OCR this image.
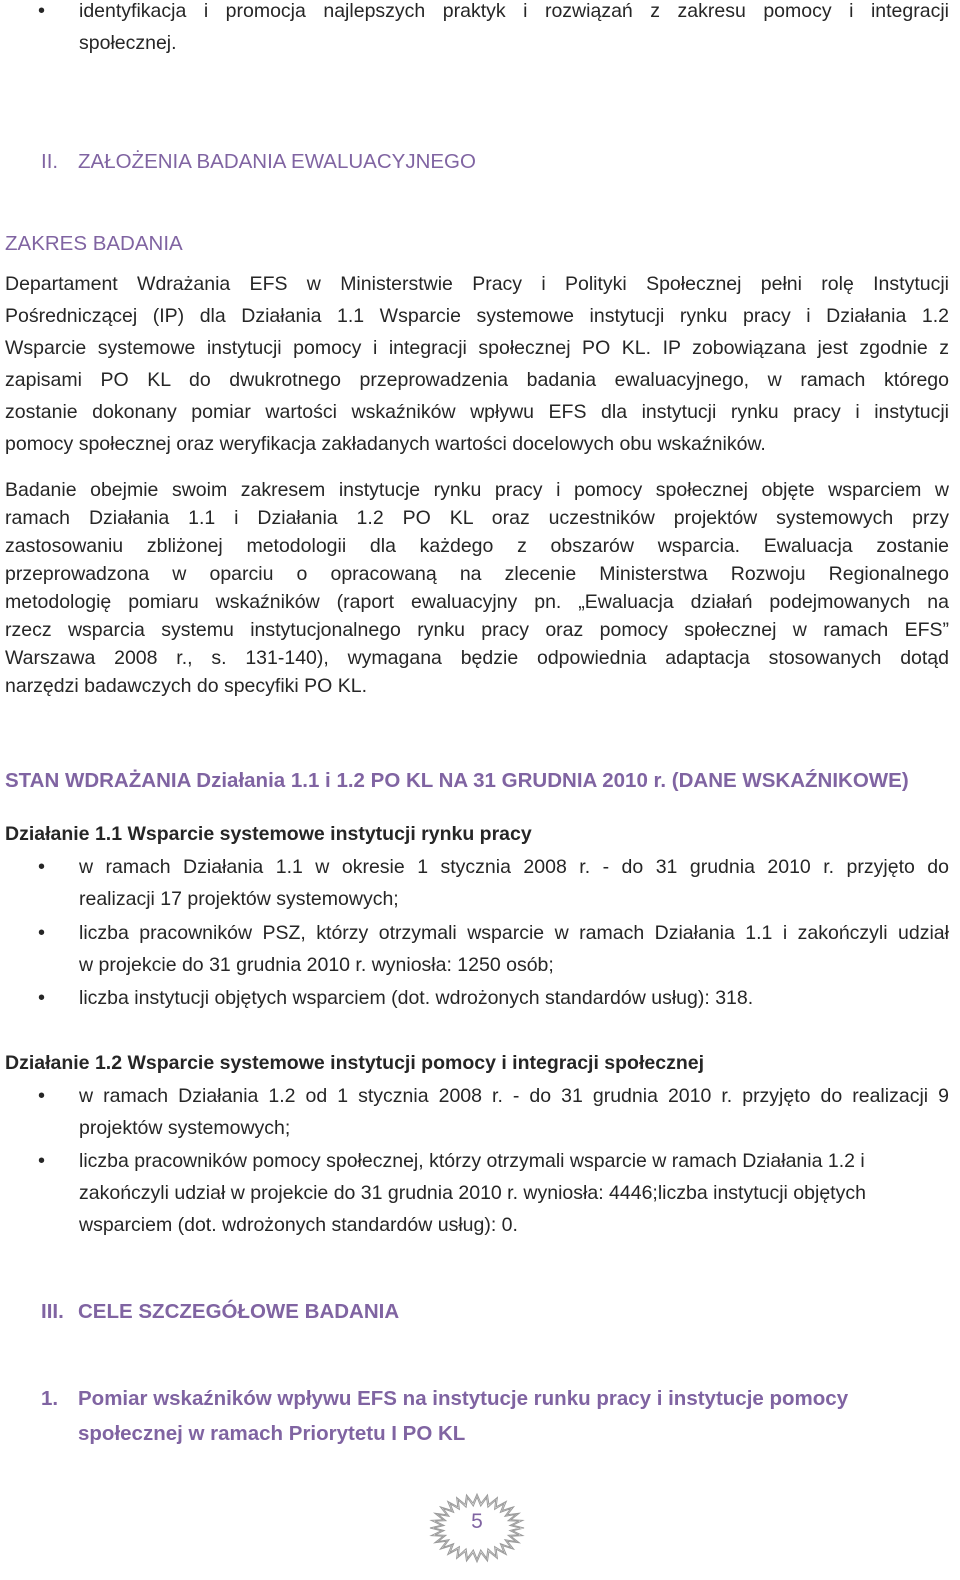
• identyfikacja i promocja najlepszych praktyk i rozwiązań z zakresu pomocy i integracji
społecznej.
II. ZAŁOŻENIA BADANIA EWALUACYJNEGO
ZAKRES BADANIA
Departament Wdrażania EFS w Ministerstwie Pracy i Polityki Społecznej pełni rolę Instytucji
Pośredniczącej (IP) dla Działania 1.1 Wsparcie systemowe instytucji rynku pracy i Działania 1.2
Wsparcie systemowe instytucji pomocy i integracji społecznej PO KL. IP zobowiązana jest zgodnie z
zapisami PO KL do dwukrotnego przeprowadzenia badania ewaluacyjnego, w ramach którego
zostanie dokonany pomiar wartości wskaźników wpływu EFS dla instytucji rynku pracy i instytucji
pomocy społecznej oraz weryfikacja zakładanych wartości docelowych obu wskaźników.
Badanie obejmie swoim zakresem instytucje rynku pracy i pomocy społecznej objęte wsparciem w
ramach Działania 1.1 i Działania 1.2 PO KL oraz uczestników projektów systemowych przy
zastosowaniu zbliżonej metodologii dla każdego z obszarów wsparcia. Ewaluacja zostanie
przeprowadzona w oparciu o opracowaną na zlecenie Ministerstwa Rozwoju Regionalnego
metodologię pomiaru wskaźników (raport ewaluacyjny pn. „Ewaluacja działań podejmowanych na
rzecz wsparcia systemu instytucjonalnego rynku pracy oraz pomocy społecznej w ramach EFS”
Warszawa 2008 r., s. 131-140), wymagana będzie odpowiednia adaptacja stosowanych dotąd
narzędzi badawczych do specyfiki PO KL.
STAN WDRAŻANIA Działania 1.1 i 1.2 PO KL NA 31 GRUDNIA 2010 r. (DANE WSKAŹNIKOWE)
Działanie 1.1 Wsparcie systemowe instytucji rynku pracy
• w ramach Działania 1.1 w okresie 1 stycznia 2008 r. - do 31 grudnia 2010 r. przyjęto do
realizacji 17 projektów systemowych;
• liczba pracowników PSZ, którzy otrzymali wsparcie w ramach Działania 1.1 i zakończyli udział
w projekcie do 31 grudnia 2010 r. wyniosła: 1250 osób;
• liczba instytucji objętych wsparciem (dot. wdrożonych standardów usług): 318.
Działanie 1.2 Wsparcie systemowe instytucji pomocy i integracji społecznej
• w ramach Działania 1.2 od 1 stycznia 2008 r. - do 31 grudnia 2010 r. przyjęto do realizacji 9
projektów systemowych;
• liczba pracowników pomocy społecznej, którzy otrzymali wsparcie w ramach Działania 1.2 i
zakończyli udział w projekcie do 31 grudnia 2010 r. wyniosła: 4446;liczba instytucji objętych
wsparciem (dot. wdrożonych standardów usług): 0.
III. CELE SZCZEGÓŁOWE BADANIA
1. Pomiar wskaźników wpływu EFS na instytucje runku pracy i instytucje pomocy
społecznej w ramach Priorytetu I PO KL
5
